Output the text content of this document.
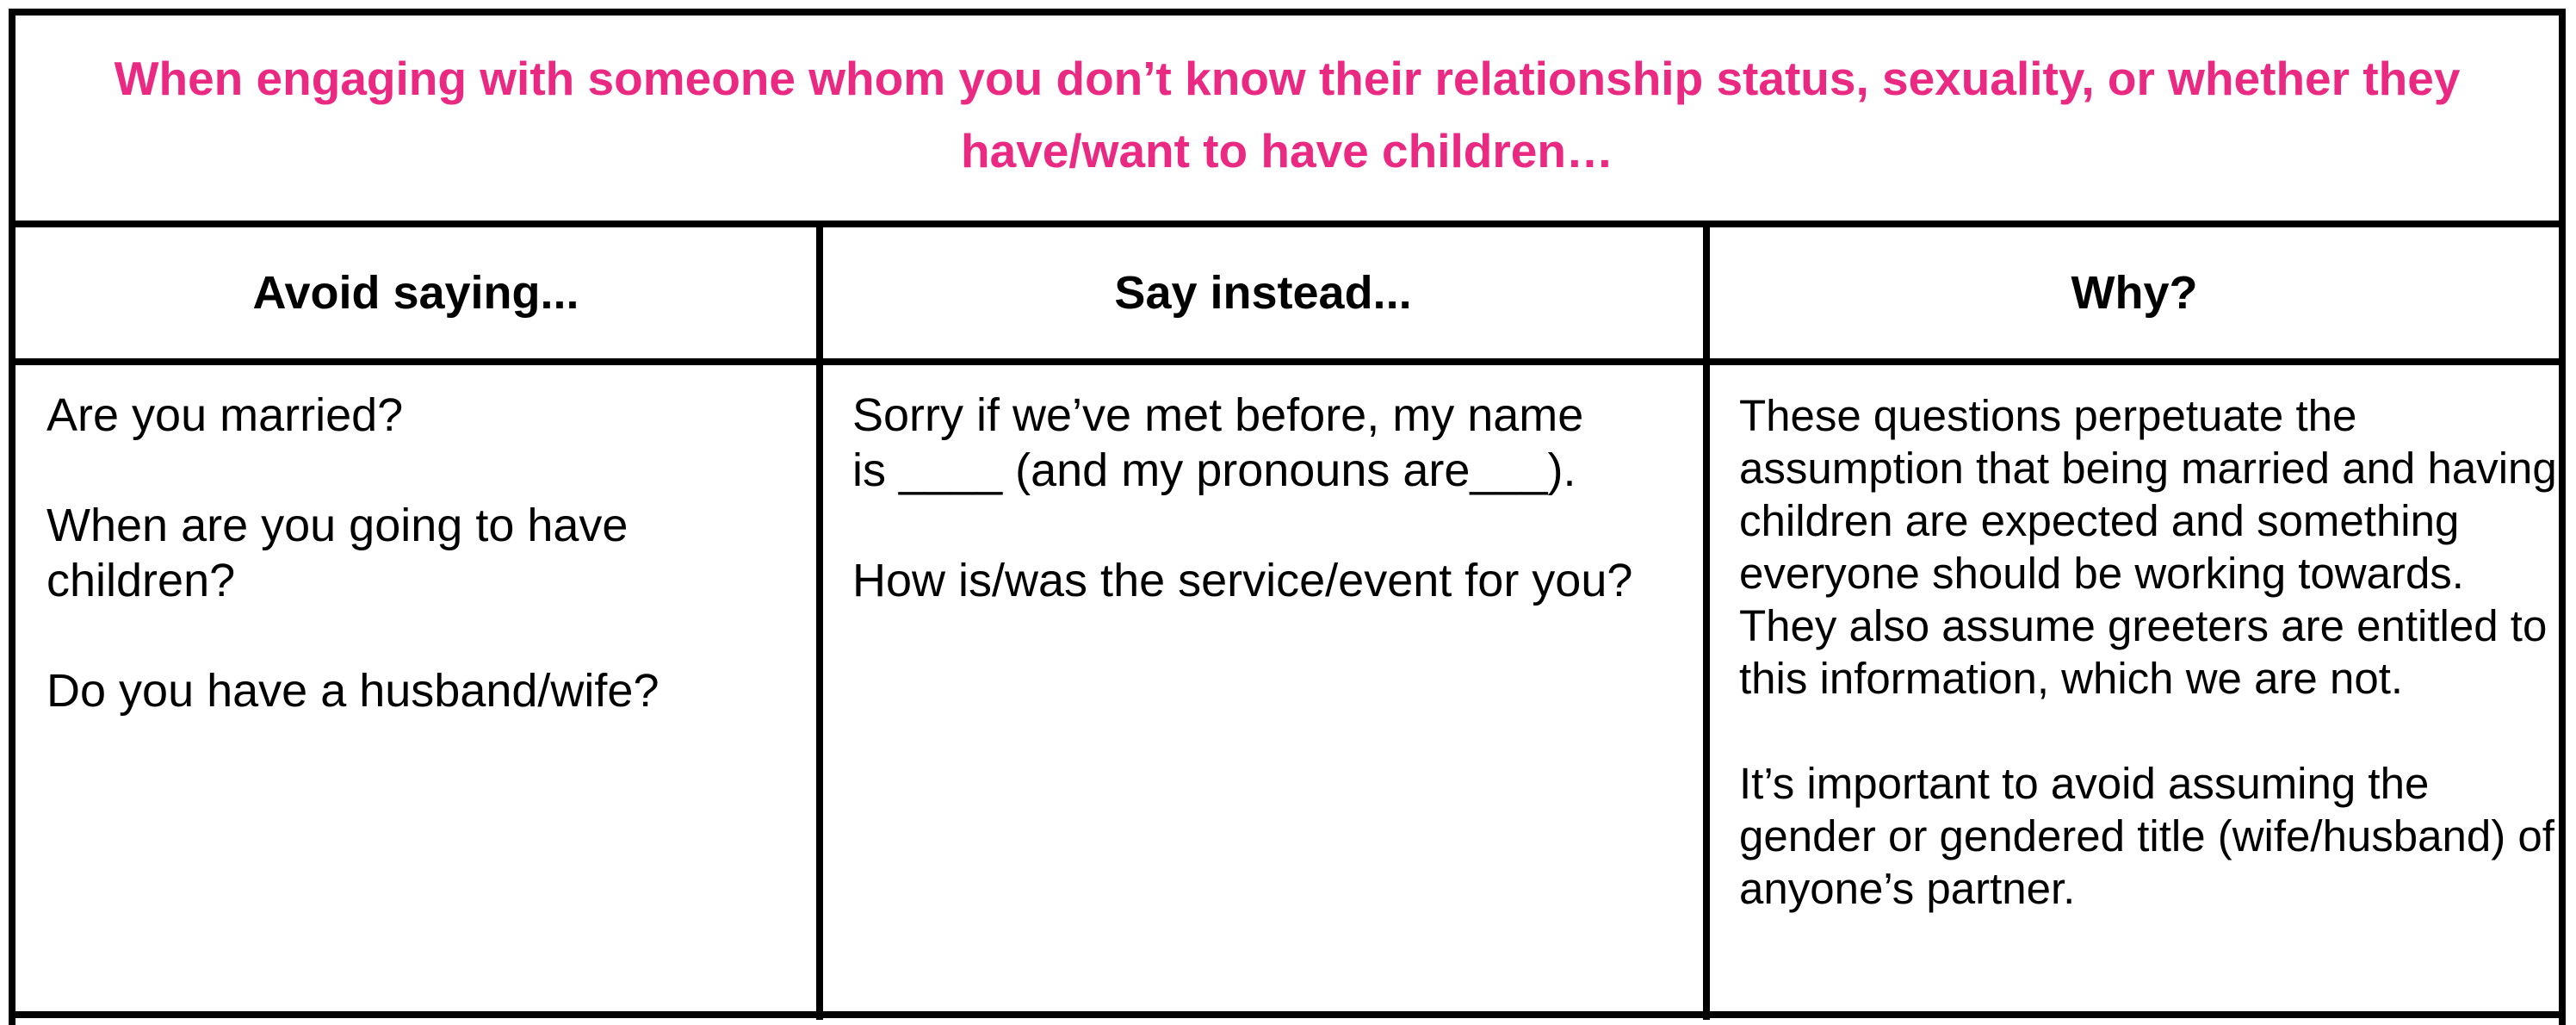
When engaging with someone whom you don’t know their relationship status, sexuality, or whether they have/want to have children…
Avoid saying...	Say instead...	Why?

Are you married?

When are you going to have children?

Do you have a husband/wife?

Sorry if we’ve met before, my name is ____ (and my pronouns are___).

How is/was the service/event for you?

These questions perpetuate the assumption that being married and having children are expected and something everyone should be working towards. They also assume greeters are entitled to this information, which we are not.

It’s important to avoid assuming the gender or gendered title (wife/husband) of anyone’s partner.
